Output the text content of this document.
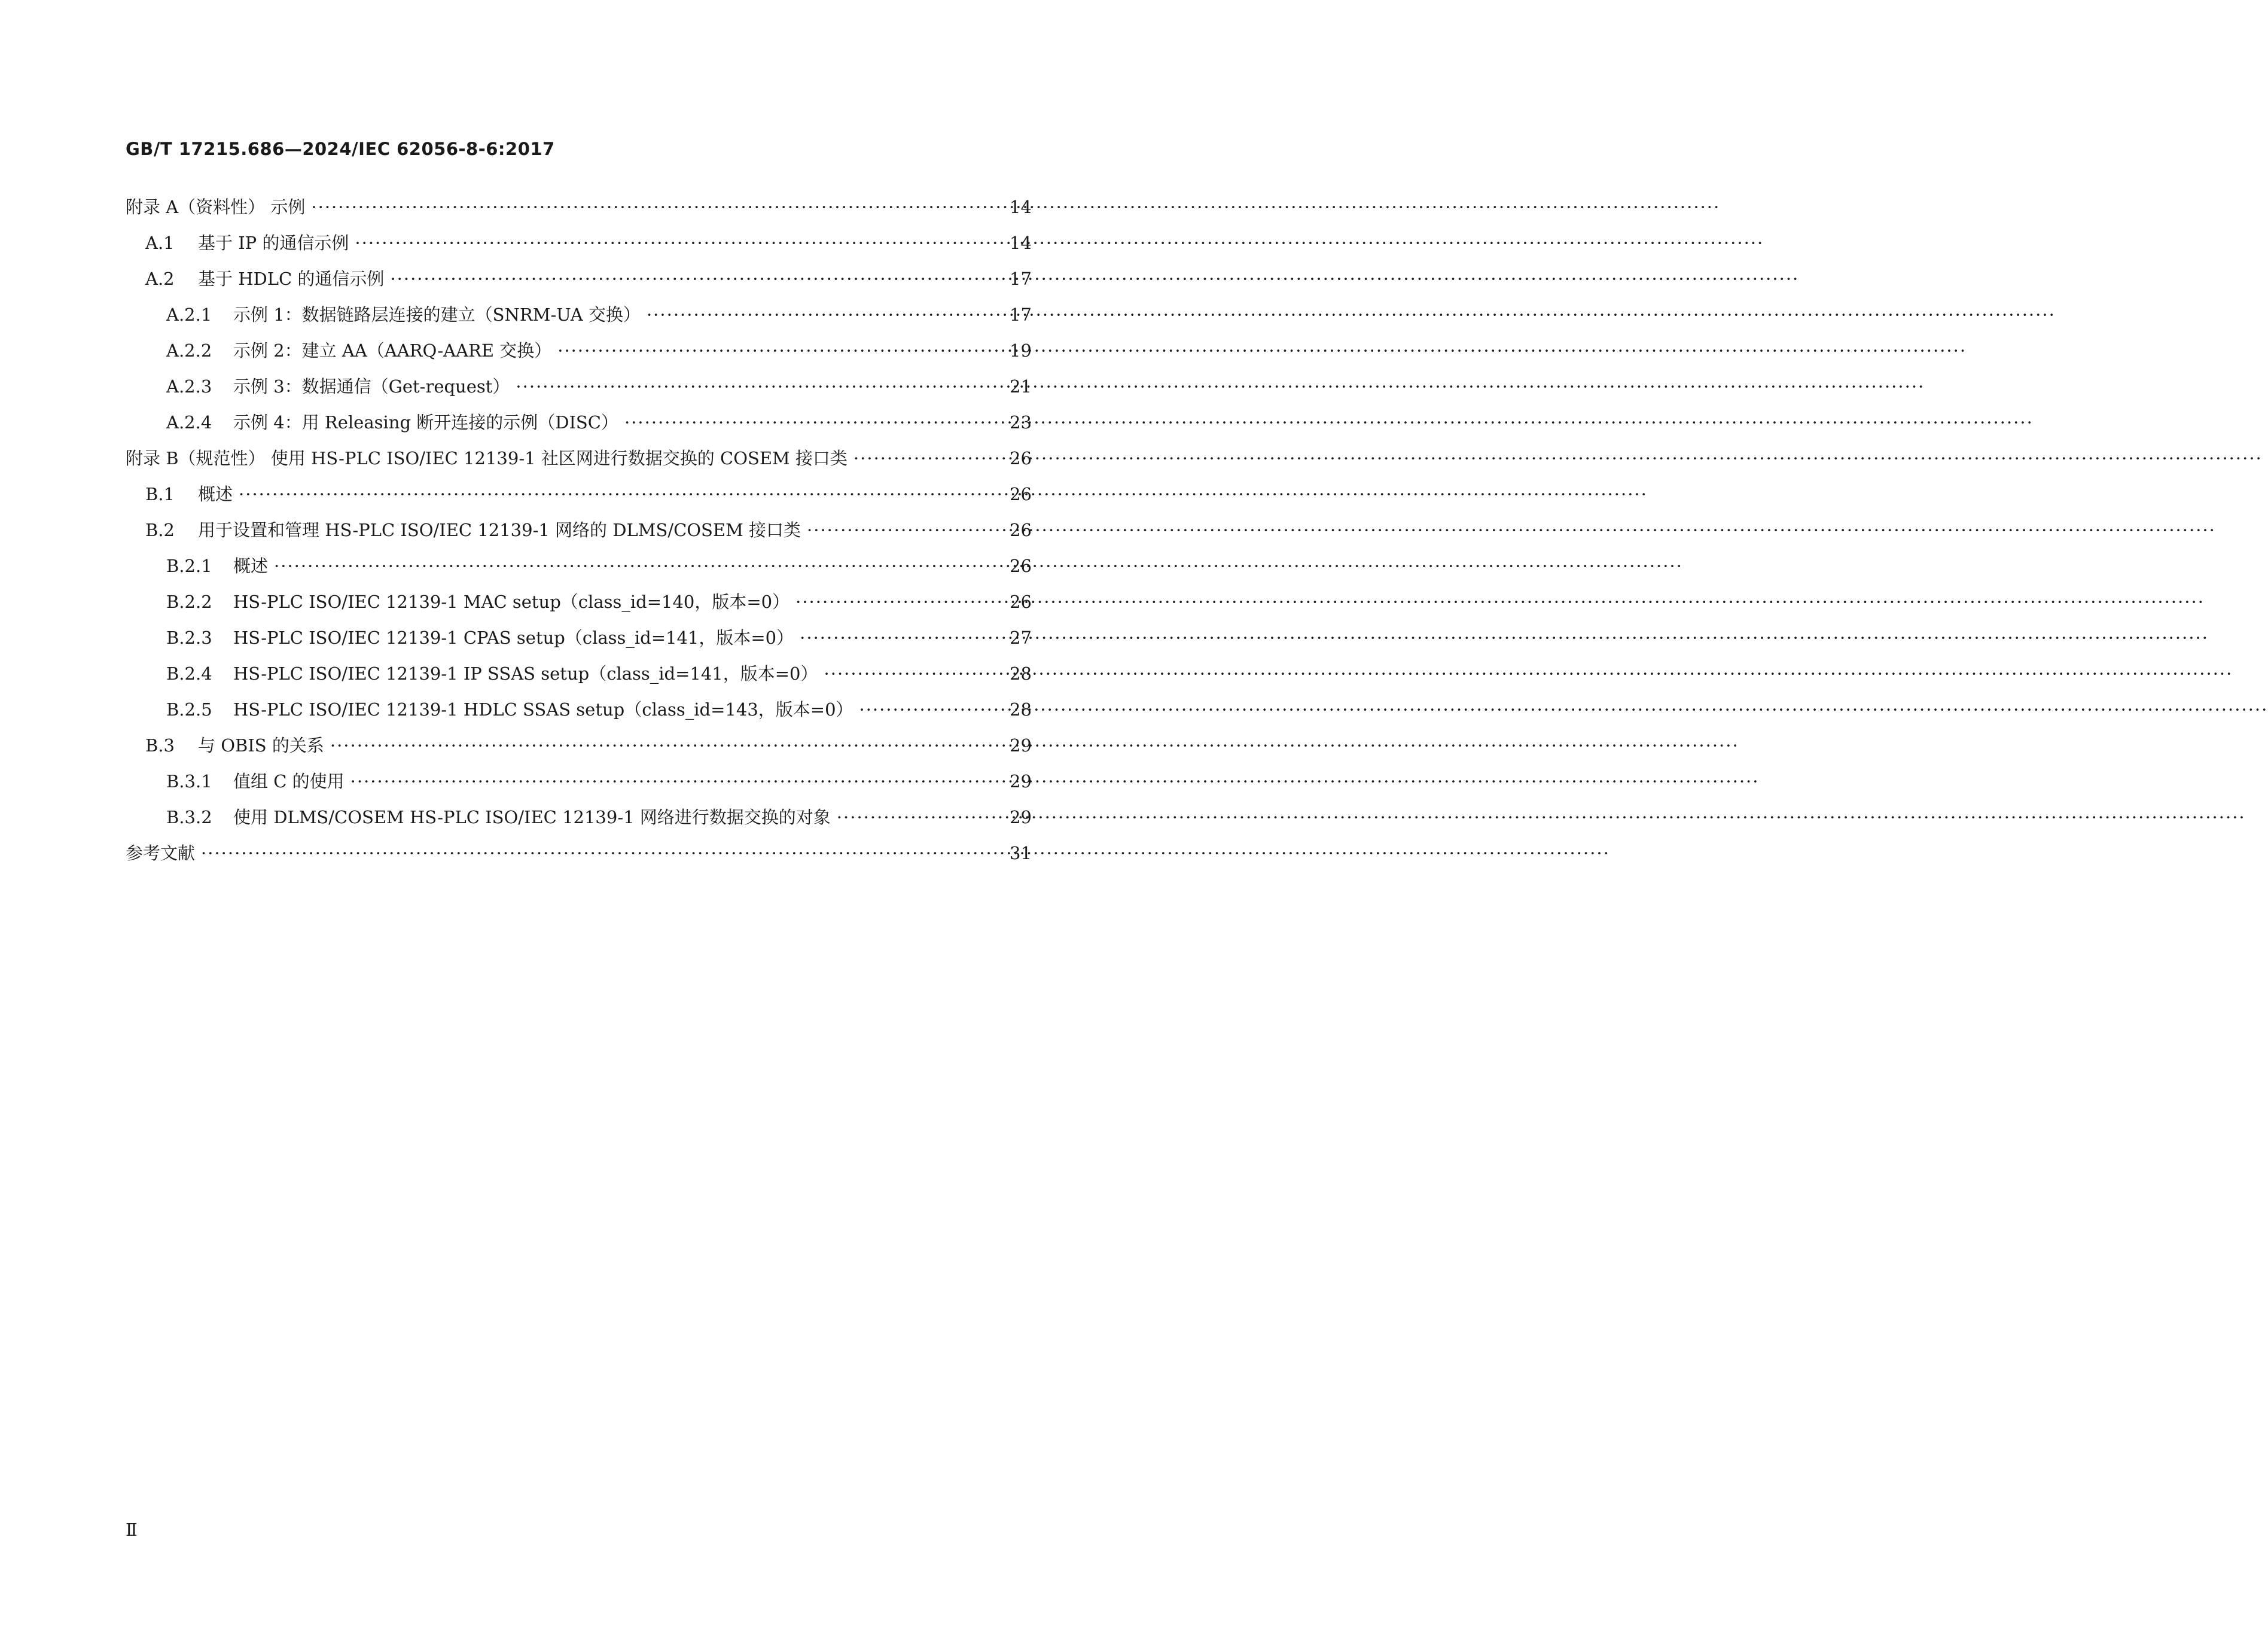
GB/T 17215.686—2024/IEC 62056-8-6:2017
附录 A（资料性） 示例 ·····	14
A.1	基于 IP 的通信示例 ·····	14
A.2	基于 HDLC 的通信示例 ·····	17
A.2.1	示例 1：数据链路层连接的建立（SNRM-UA 交换） ·····	17
A.2.2	示例 2：建立 AA（AARQ-AARE 交换） ·····	19
A.2.3	示例 3：数据通信（Get-request） ·····	21
A.2.4	示例 4：用 Releasing 断开连接的示例（DISC） ·····	23
附录 B（规范性） 使用 HS-PLC ISO/IEC 12139-1 社区网进行数据交换的 COSEM 接口类 ·····	26
B.1	概述 ·····	26
B.2	用于设置和管理 HS-PLC ISO/IEC 12139-1 网络的 DLMS/COSEM 接口类 ·····	26
B.2.1	概述 ·····	26
B.2.2	HS-PLC ISO/IEC 12139-1 MAC setup（class_id=140，版本=0） ·····	26
B.2.3	HS-PLC ISO/IEC 12139-1 CPAS setup（class_id=141，版本=0） ·····	27
B.2.4	HS-PLC ISO/IEC 12139-1 IP SSAS setup（class_id=141，版本=0） ·····	28
B.2.5	HS-PLC ISO/IEC 12139-1 HDLC SSAS setup（class_id=143，版本=0） ·····	28
B.3	与 OBIS 的关系 ·····	29
B.3.1	值组 C 的使用 ·····	29
B.3.2	使用 DLMS/COSEM HS-PLC ISO/IEC 12139-1 网络进行数据交换的对象 ·····	29
参考文献 ·····	31
Ⅱ
